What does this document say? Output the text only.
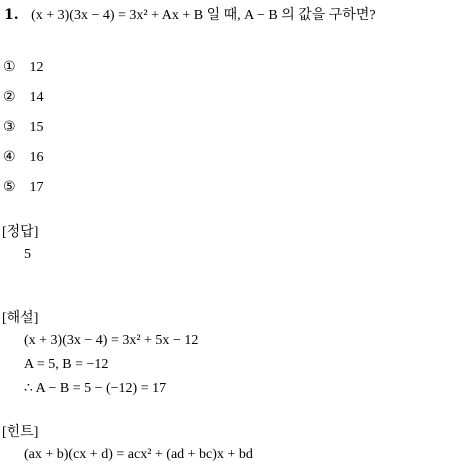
1. (x + 3)(3x − 4) = 3x² + Ax + B 일 때, A − B 의 값을 구하면?
① 12
② 14
③ 15
④ 16
⑤ 17
[정답]
5
[해설]
(x + 3)(3x − 4) = 3x² + 5x − 12
A = 5, B = −12
∴ A − B = 5 − (−12) = 17
[힌트]
(ax + b)(cx + d) = acx² + (ad + bc)x + bd
